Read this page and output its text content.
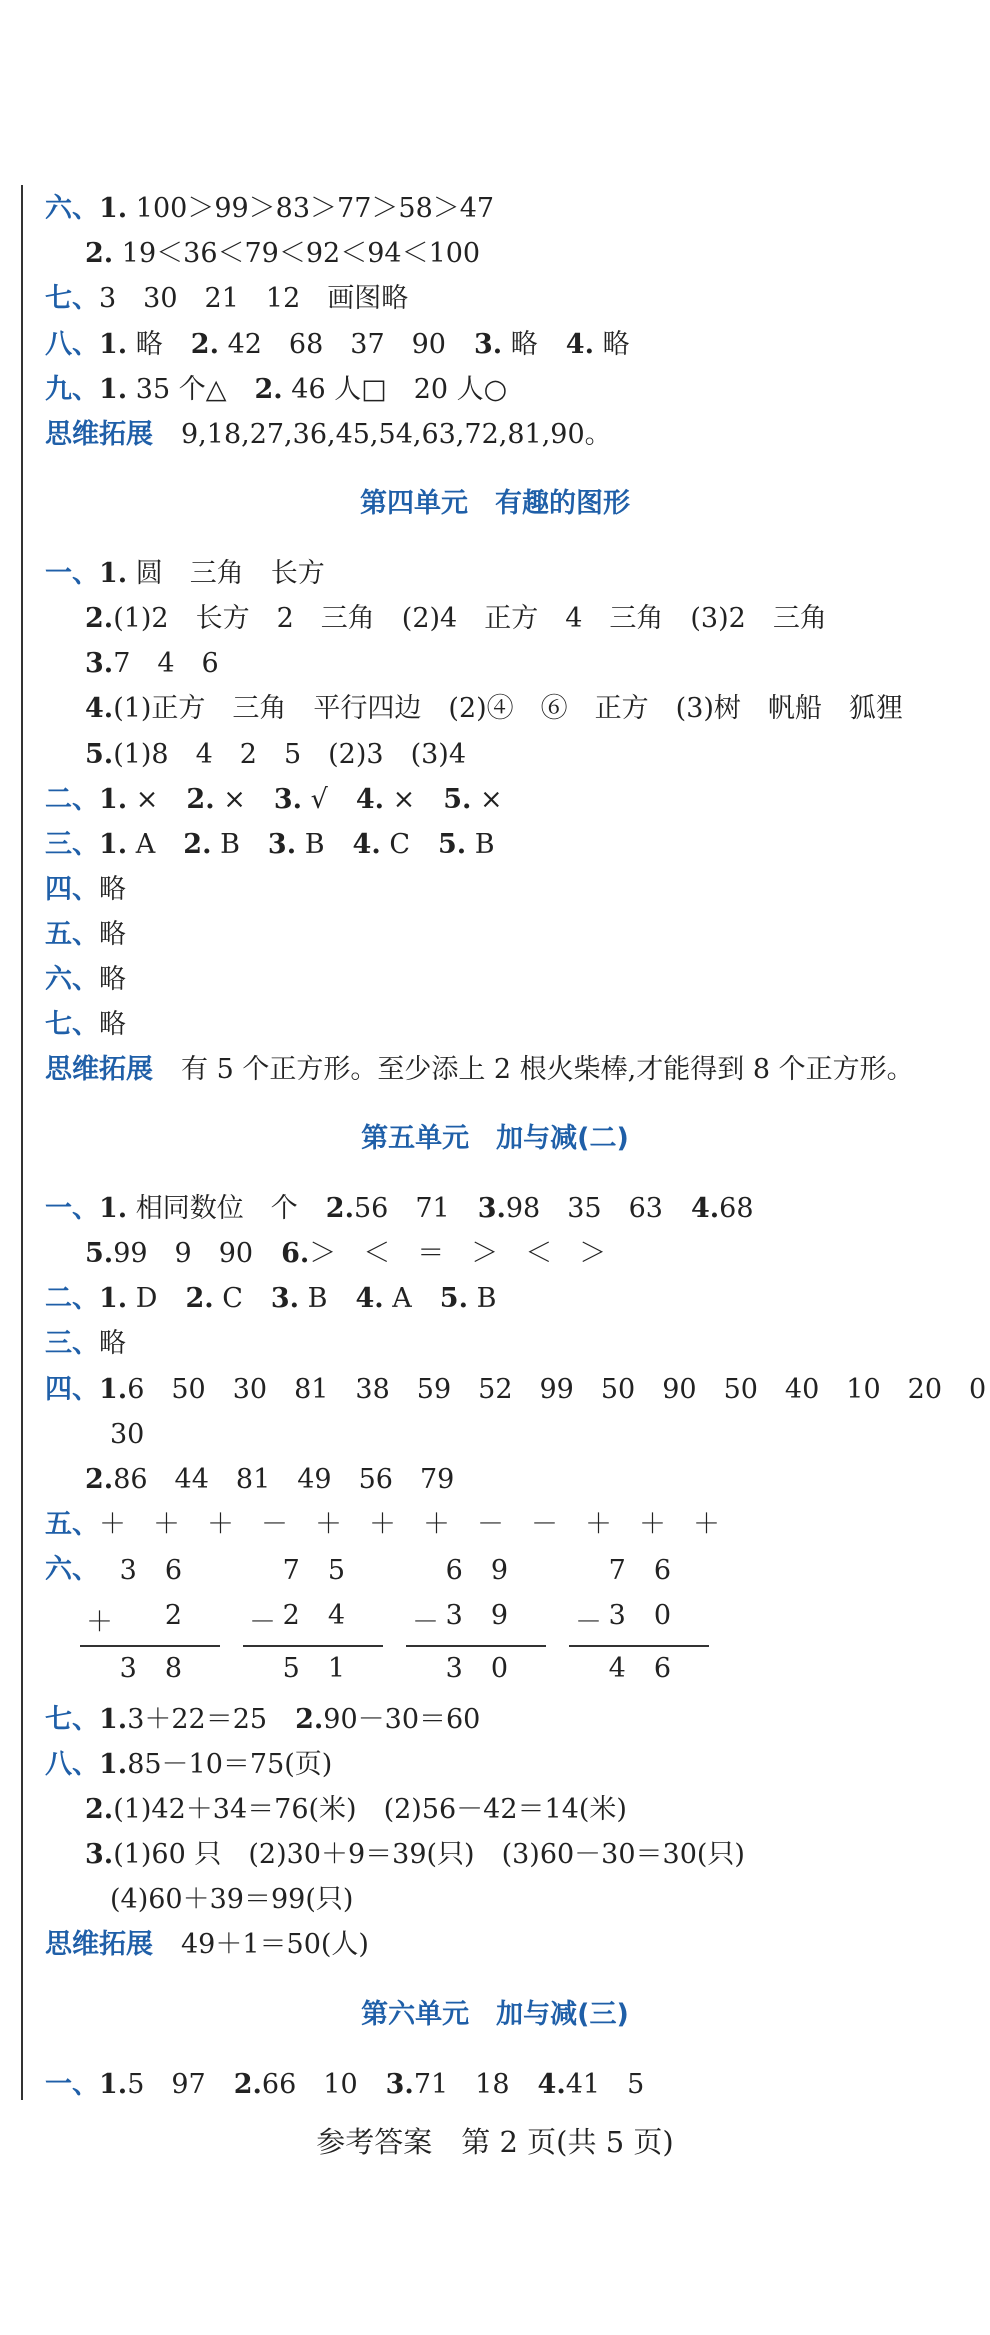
六、1. 100＞99＞83＞77＞58＞47
2. 19＜36＜79＜92＜94＜100
七、3　30　21　12　画图略
八、1. 略 2. 42　68　37　90 3. 略 4. 略
九、1. 35 个△ 2. 46 人□　20 人○
思维拓展 9,18,27,36,45,54,63,72,81,90。
第四单元　有趣的图形
一、1. 圆　三角　长方
2.(1)2　长方　2　三角　(2)4　正方　4　三角　(3)2　三角
3.7　4　6
4.(1)正方　三角　平行四边　(2)④　⑥　正方　(3)树　帆船　狐狸
5.(1)8　4　2　5　(2)3　(3)4
二、1. × 2. × 3. √ 4. × 5. ×
三、1. A 2. B 3. B 4. C 5. B
四、略
五、略
六、略
七、略
思维拓展 有 5 个正方形。至少添上 2 根火柴棒,才能得到 8 个正方形。
第五单元　加与减(二)
一、1. 相同数位　个 2.56　71 3.98　35　63 4.68
5.99　9　90 6.＞　＜　＝　＞　＜　＞
二、1. D 2. C 3. B 4. A 5. B
三、略
四、1.6　50　30　81　38　59　52　99　50　90　50　40　10　20　0
30
2.86　44　81　49　56　79
五、＋　＋　＋　－　＋　＋　＋　－　－　＋　＋　＋
六、 36
＋ 2
38
75
－ 24
51
69
－ 39
30
76
－ 30
46
七、1.3＋22＝25 2.90－30＝60
八、1.85－10＝75(页)
2.(1)42＋34＝76(米)　(2)56－42＝14(米)
3.(1)60 只　(2)30＋9＝39(只)　(3)60－30＝30(只)
(4)60＋39＝99(只)
思维拓展 49＋1＝50(人)
第六单元　加与减(三)
一、1.5　97 2.66　10 3.71　18 4.41　5
参考答案　第 2 页(共 5 页)
